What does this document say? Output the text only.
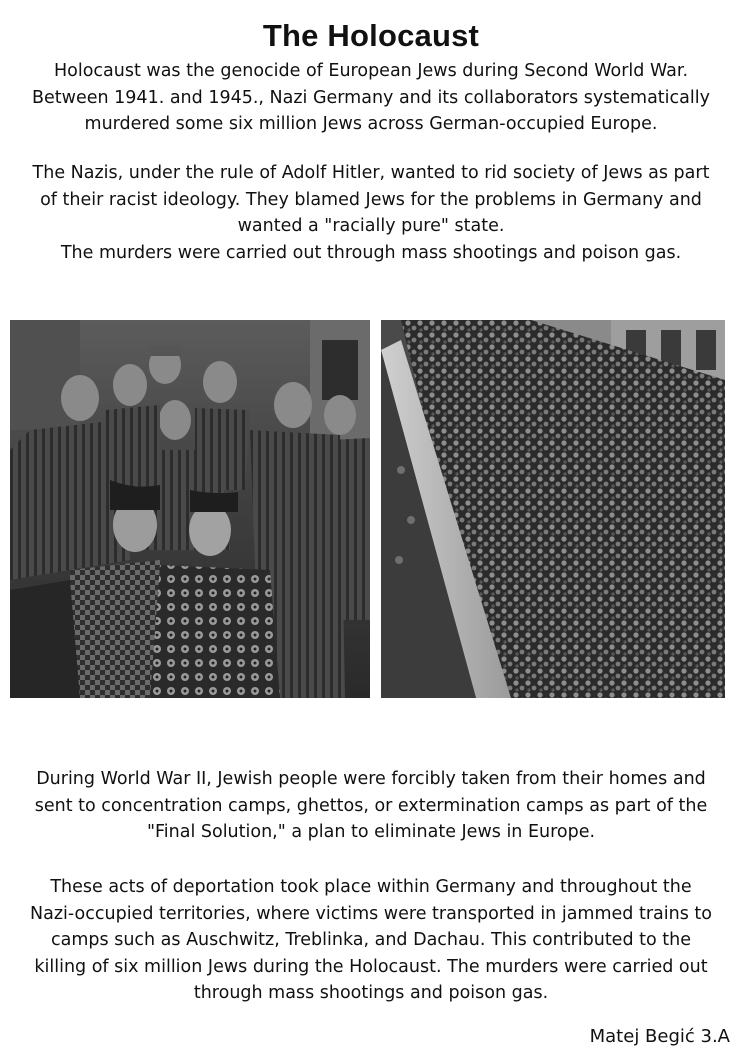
The Holocaust

Holocaust was the genocide of European Jews during Second World War.
Between 1941. and 1945., Nazi Germany and its collaborators systematically
murdered some six million Jews across German-occupied Europe.

The Nazis, under the rule of Adolf Hitler, wanted to rid society of Jews as part
of their racist ideology. They blamed Jews for the problems in Germany and
wanted a "racially pure" state.
The murders were carried out through mass shootings and poison gas.

During World War II, Jewish people were forcibly taken from their homes and
sent to concentration camps, ghettos, or extermination camps as part of the
"Final Solution," a plan to eliminate Jews in Europe.

These acts of deportation took place within Germany and throughout the
Nazi-occupied territories, where victims were transported in jammed trains to
camps such as Auschwitz, Treblinka, and Dachau. This contributed to the
killing of six million Jews during the Holocaust. The murders were carried out
through mass shootings and poison gas.

Matej Begić 3.A
